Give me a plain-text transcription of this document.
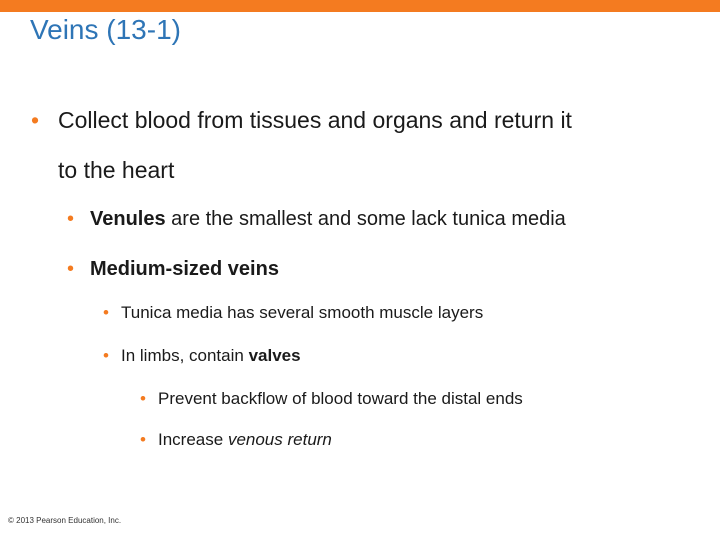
Veins (13-1)
• Collect blood from tissues and organs and return it
to the heart
• Venules are the smallest and some lack tunica media
• Medium-sized veins
• Tunica media has several smooth muscle layers
• In limbs, contain valves
• Prevent backflow of blood toward the distal ends
• Increase venous return
© 2013 Pearson Education, Inc.
